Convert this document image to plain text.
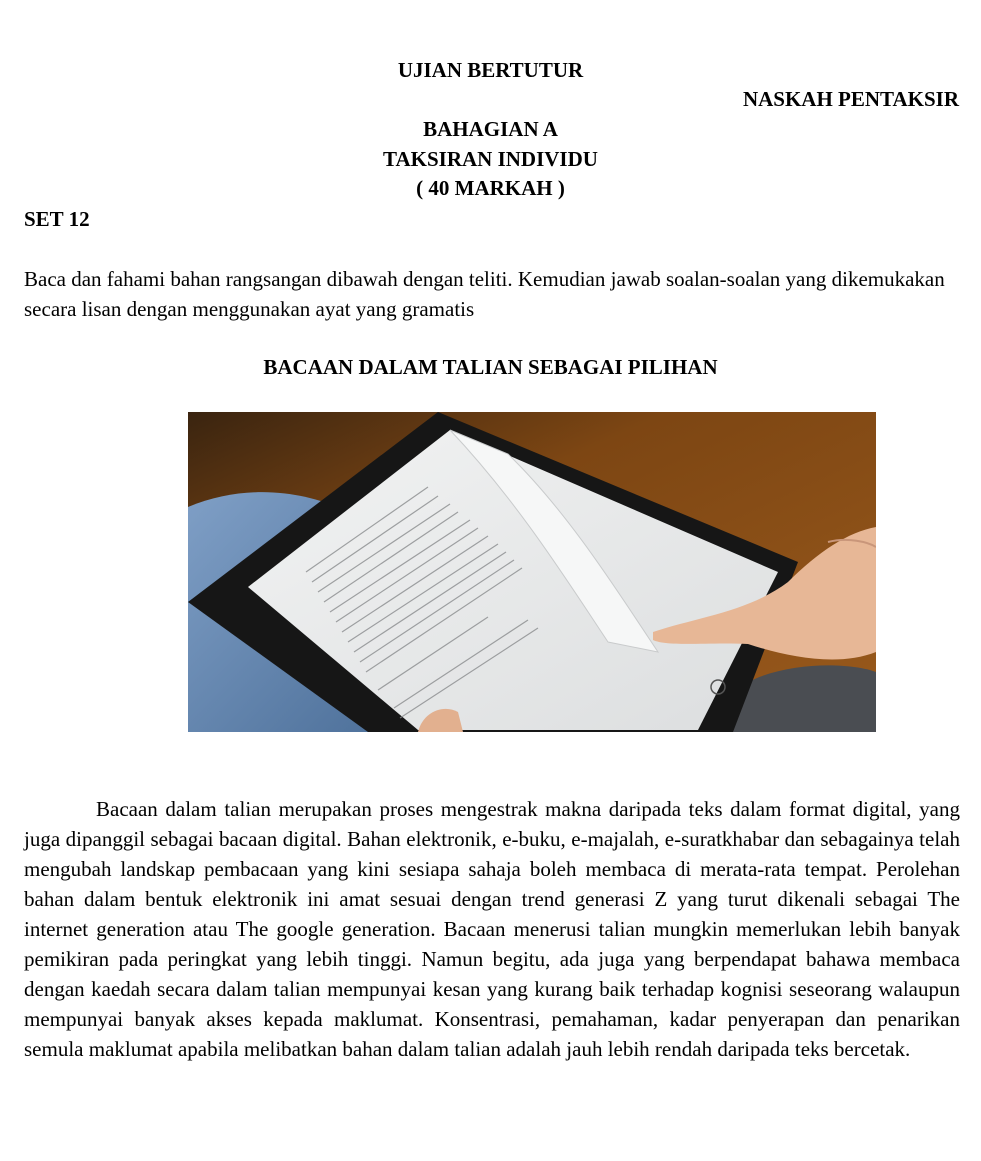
UJIAN BERTUTUR
NASKAH PENTAKSIR
BAHAGIAN A
TAKSIRAN INDIVIDU
( 40 MARKAH )
SET 12
Baca dan fahami bahan rangsangan dibawah dengan teliti. Kemudian jawab soalan-soalan yang dikemukakan secara lisan dengan menggunakan ayat yang gramatis
BACAAN DALAM TALIAN SEBAGAI PILIHAN
Bacaan dalam talian merupakan proses mengestrak makna daripada teks dalam format digital, yang juga dipanggil sebagai bacaan digital. Bahan elektronik, e-buku, e-majalah, e-suratkhabar dan sebagainya telah mengubah landskap pembacaan yang kini sesiapa sahaja boleh membaca di merata-rata tempat. Perolehan bahan dalam bentuk elektronik ini amat sesuai dengan trend generasi Z yang turut dikenali sebagai The internet generation atau The google generation. Bacaan menerusi talian mungkin memerlukan lebih banyak pemikiran pada peringkat yang lebih tinggi. Namun begitu, ada juga yang berpendapat bahawa membaca dengan kaedah secara dalam talian mempunyai kesan yang kurang baik terhadap kognisi seseorang walaupun mempunyai banyak akses kepada maklumat. Konsentrasi, pemahaman, kadar penyerapan dan penarikan semula maklumat apabila melibatkan bahan dalam talian adalah jauh lebih rendah daripada teks bercetak.
